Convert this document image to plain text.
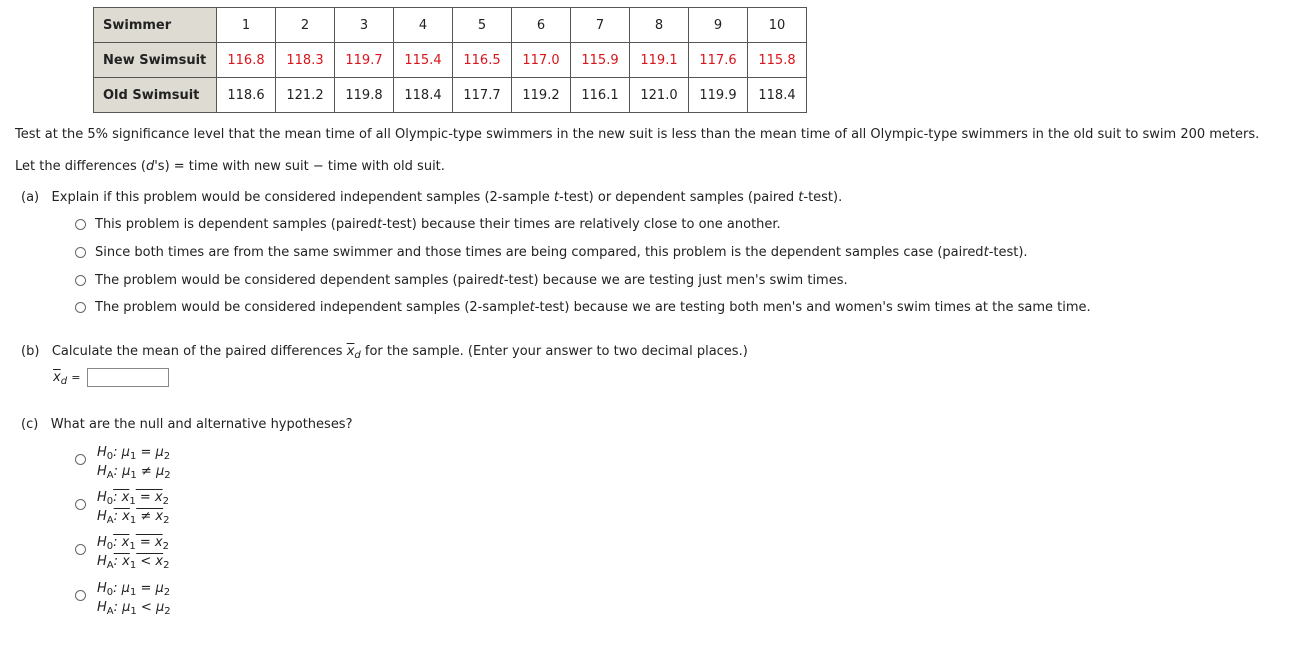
Swimmer	1	2	3	4	5	6	7	8	9	10
New Swimsuit	116.8	118.3	119.7	115.4	116.5	117.0	115.9	119.1	117.6	115.8
Old Swimsuit	118.6	121.2	119.8	118.4	117.7	119.2	116.1	121.0	119.9	118.4
Test at the 5% significance level that the mean time of all Olympic-type swimmers in the new suit is less than the mean time of all Olympic-type swimmers in the old suit to swim 200 meters.
Let the differences (d's) = time with new suit − time with old suit.
(a) Explain if this problem would be considered independent samples (2-sample t-test) or dependent samples (paired t-test).
This problem is dependent samples (paired t -test) because their times are relatively close to one another.
Since both times are from the same swimmer and those times are being compared, this problem is the dependent samples case (paired t -test).
The problem would be considered dependent samples (paired t -test) because we are testing just men's swim times.
The problem would be considered independent samples (2-sample t -test) because we are testing both men's and women's swim times at the same time.
(b) Calculate the mean of the paired differences $\overline{x}_d$ for the sample. (Enter your answer to two decimal places.)
$\overline{x}_d$ =
(c) What are the null and alternative hypotheses?
$H_0$: $\mu_1 = \mu_2$
$H_A$: $\mu_1 \ne \mu_2$
$H_0$: $x_1 = x_2$
$H_A$: $x_1 \ne x_2$
$H_0$: $x_1 = x_2$
$H_A$: $x_1 < x_2$
$H_0$: $\mu_1 = \mu_2$
$H_A$: $\mu_1 < \mu_2$
